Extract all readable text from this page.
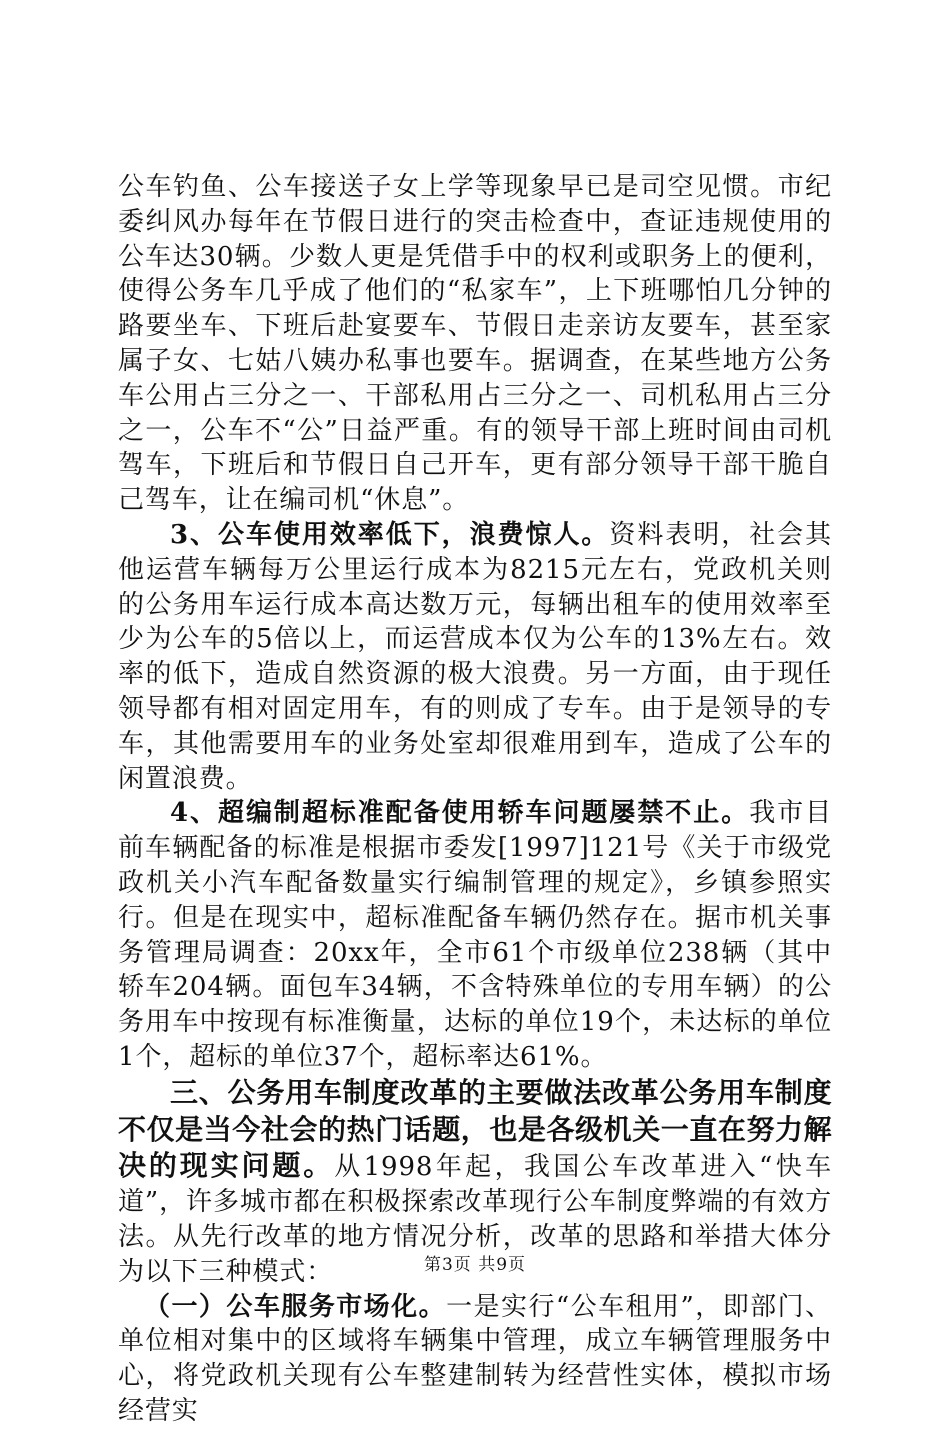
公车钓鱼、公车接送子女上学等现象早已是司空见惯。市纪委纠风办每年在节假日进行的突击检查中，查证违规使用的公车达30辆。少数人更是凭借手中的权利或职务上的便利，使得公务车几乎成了他们的“私家车”，上下班哪怕几分钟的路要坐车、下班后赴宴要车、节假日走亲访友要车，甚至家属子女、七姑八姨办私事也要车。据调查，在某些地方公务车公用占三分之一、干部私用占三分之一、司机私用占三分之一，公车不“公”日益严重。有的领导干部上班时间由司机驾车，下班后和节假日自己开车，更有部分领导干部干脆自己驾车，让在编司机“休息”。

3、公车使用效率低下，浪费惊人。资料表明，社会其他运营车辆每万公里运行成本为8215元左右，党政机关则的公务用车运行成本高达数万元，每辆出租车的使用效率至少为公车的5倍以上，而运营成本仅为公车的13%左右。效率的低下，造成自然资源的极大浪费。另一方面，由于现任领导都有相对固定用车，有的则成了专车。由于是领导的专车，其他需要用车的业务处室却很难用到车，造成了公车的闲置浪费。

4、超编制超标准配备使用轿车问题屡禁不止。我市目前车辆配备的标准是根据市委发[1997]121号《关于市级党政机关小汽车配备数量实行编制管理的规定》，乡镇参照实行。但是在现实中，超标准配备车辆仍然存在。据市机关事务管理局调查：20xx年，全市61个市级单位238辆（其中轿车204辆。面包车34辆，不含特殊单位的专用车辆）的公务用车中按现有标准衡量，达标的单位19个，未达标的单位1个，超标的单位37个，超标率达61%。

三、公务用车制度改革的主要做法改革公务用车制度不仅是当今社会的热门话题，也是各级机关一直在努力解决的现实问题。从1998年起，我国公车改革进入“快车道”，许多城市都在积极探索改革现行公车制度弊端的有效方法。从先行改革的地方情况分析，改革的思路和举措大体分为以下三种模式：

（一）公车服务市场化。一是实行“公车租用”，即部门、单位相对集中的区域将车辆集中管理，成立车辆管理服务中心，将党政机关现有公车整建制转为经营性实体，模拟市场经营实

第3页 共9页
